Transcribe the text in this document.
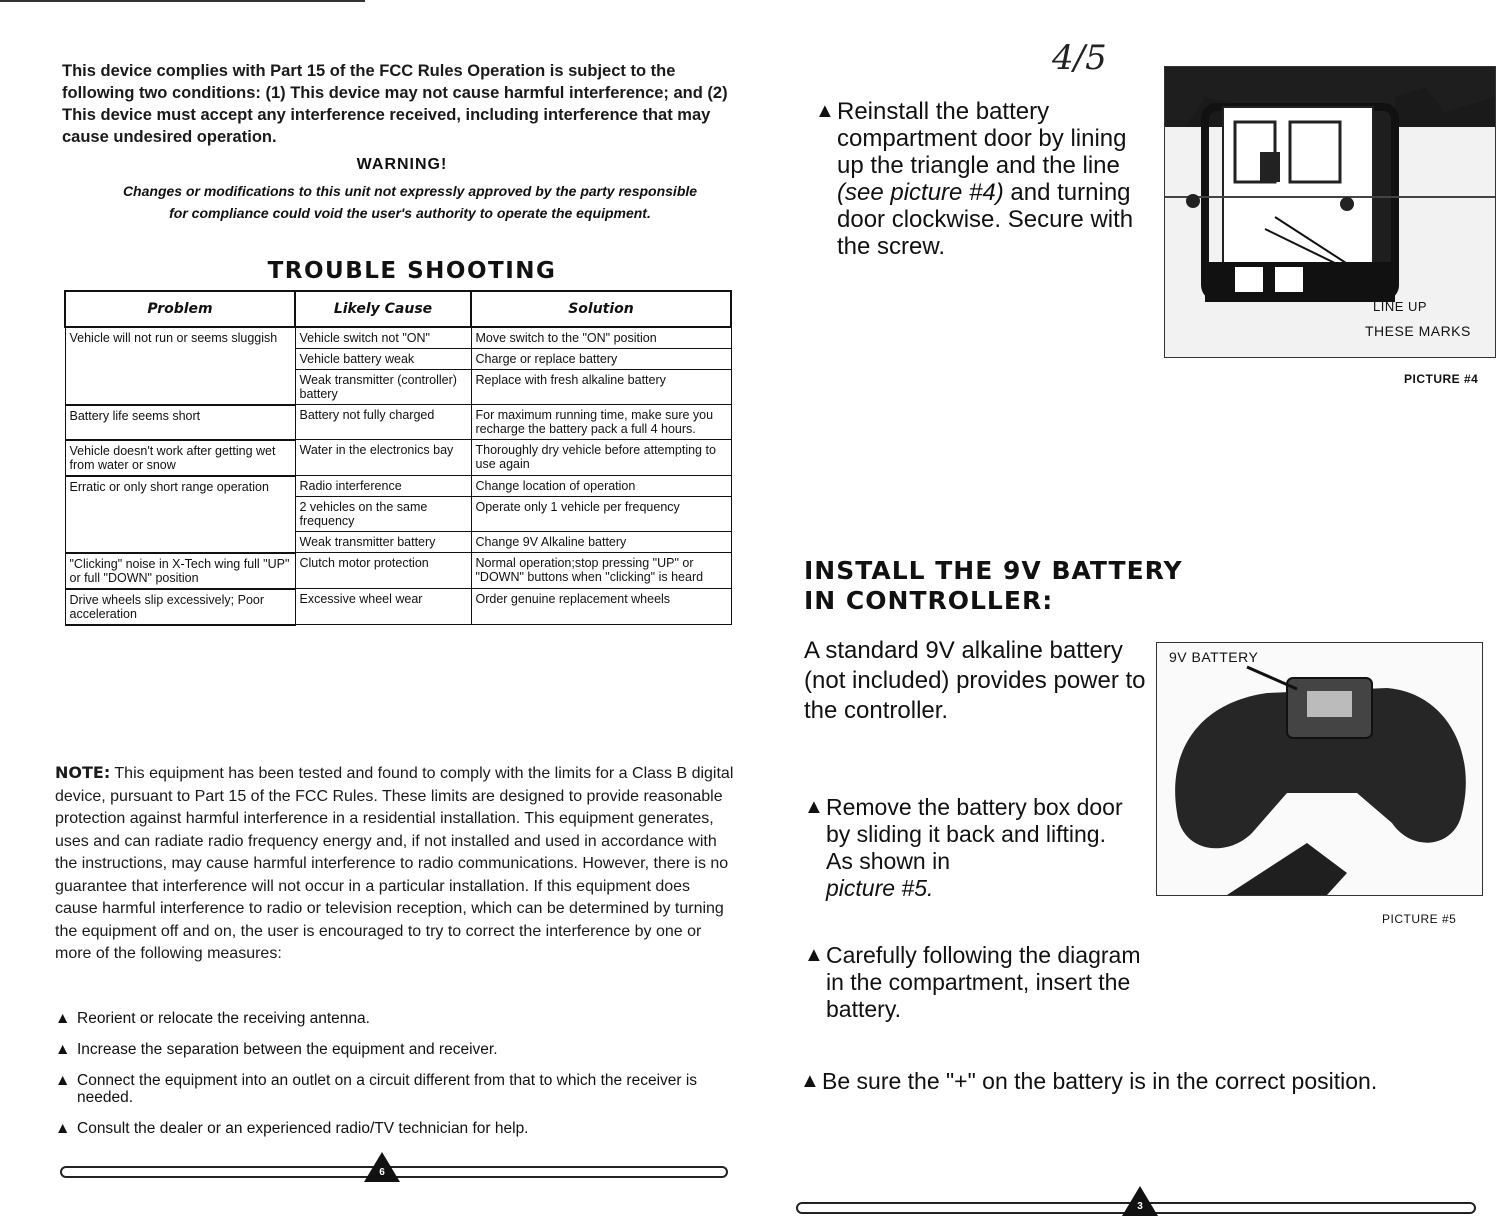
This device complies with Part 15 of the FCC Rules Operation is subject to the following two conditions: (1) This device may not cause harmful interference; and (2) This device must accept any interference received, including interference that may cause undesired operation.
WARNING!
Changes or modifications to this unit not expressly approved by the party responsible for compliance could void the user's authority to operate the equipment.
TROUBLE SHOOTING
Problem	Likely Cause	Solution
Vehicle will not run or seems sluggish	Vehicle switch not "ON"	Move switch to the "ON" position
	Vehicle battery weak	Charge or replace battery
	Weak transmitter (controller) battery	Replace with fresh alkaline battery
Battery life seems short	Battery not fully charged	For maximum running time, make sure you recharge the battery pack a full 4 hours.
Vehicle doesn't work after getting wet from water or snow	Water in the electronics bay	Thoroughly dry vehicle before attempting to use again
Erratic or only short range operation	Radio interference	Change location of operation
	2 vehicles on the same frequency	Operate only 1 vehicle per frequency
	Weak transmitter battery	Change 9V Alkaline battery
"Clicking" noise in X-Tech wing full "UP" or full "DOWN" position	Clutch motor protection	Normal operation;stop pressing "UP" or "DOWN" buttons when "clicking" is heard
Drive wheels slip excessively; Poor acceleration	Excessive wheel wear	Order genuine replacement wheels
NOTE: This equipment has been tested and found to comply with the limits for a Class B digital device, pursuant to Part 15 of the FCC Rules. These limits are designed to provide reasonable protection against harmful interference in a residential installation. This equipment generates, uses and can radiate radio frequency energy and, if not installed and used in accordance with the instructions, may cause harmful interference to radio communications. However, there is no guarantee that interference will not occur in a particular installation. If this equipment does cause harmful interference to radio or television reception, which can be determined by turning the equipment off and on, the user is encouraged to try to correct the interference by one or more of the following measures:
▲ Reorient or relocate the receiving antenna.
▲ Increase the separation between the equipment and receiver.
▲ Connect the equipment into an outlet on a circuit different from that to which the receiver is needed.
▲ Consult the dealer or an experienced radio/TV technician for help.
6
4/5
▲ Reinstall the battery compartment door by lining up the triangle and the line (see picture #4) and turning door clockwise. Secure with the screw.
LINE UP
THESE MARKS
PICTURE #4
INSTALL THE 9V BATTERY
IN CONTROLLER:
A standard 9V alkaline battery (not included) provides power to the controller.
9V BATTERY
PICTURE #5
▲ Remove the battery box door by sliding it back and lifting. As shown in
picture #5.
▲ Carefully following the diagram in the compartment, insert the battery.
▲ Be sure the "+" on the battery is in the correct position.
3
